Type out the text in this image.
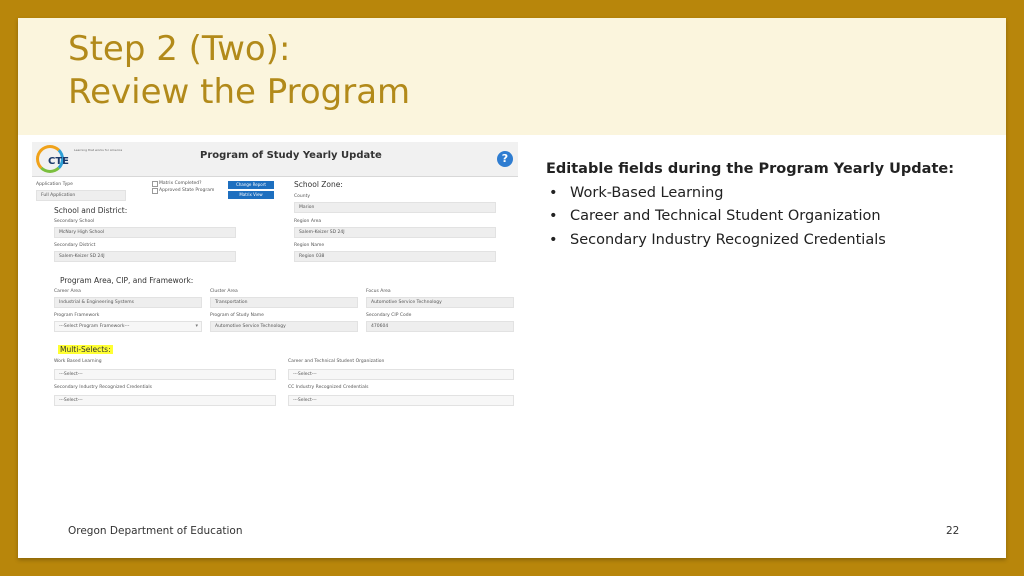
Step 2 (Two):
Review the Program
CTE
Learning that works for America	Program of Study Yearly Update	?
Application Type
Full Application
Matrix Completed?
Approved State Program
Change Report
Matrix View
School Zone:
County
Marion
School and District:
Secondary School
McNary High School
Region Area
Salem-Keizer SD 24J
Secondary District
Salem-Keizer SD 24J
Region Name
Region 038
Program Area, CIP, and Framework:
Career Area
Industrial & Engineering Systems
Cluster Area
Transportation
Focus Area
Automotive Service Technology
Program Framework
---Select Program Framework---	▾
Program of Study Name
Automotive Service Technology
Secondary CIP Code
470604
Multi-Selects:
Work Based Learning
---Select---
Career and Technical Student Organization
---Select---
Secondary Industry Recognized Credentials
---Select---
CC Industry Recognized Credentials
---Select---
Editable fields during the Program Yearly Update:
• Work-Based Learning
• Career and Technical Student Organization
• Secondary Industry Recognized Credentials
Oregon Department of Education	22
